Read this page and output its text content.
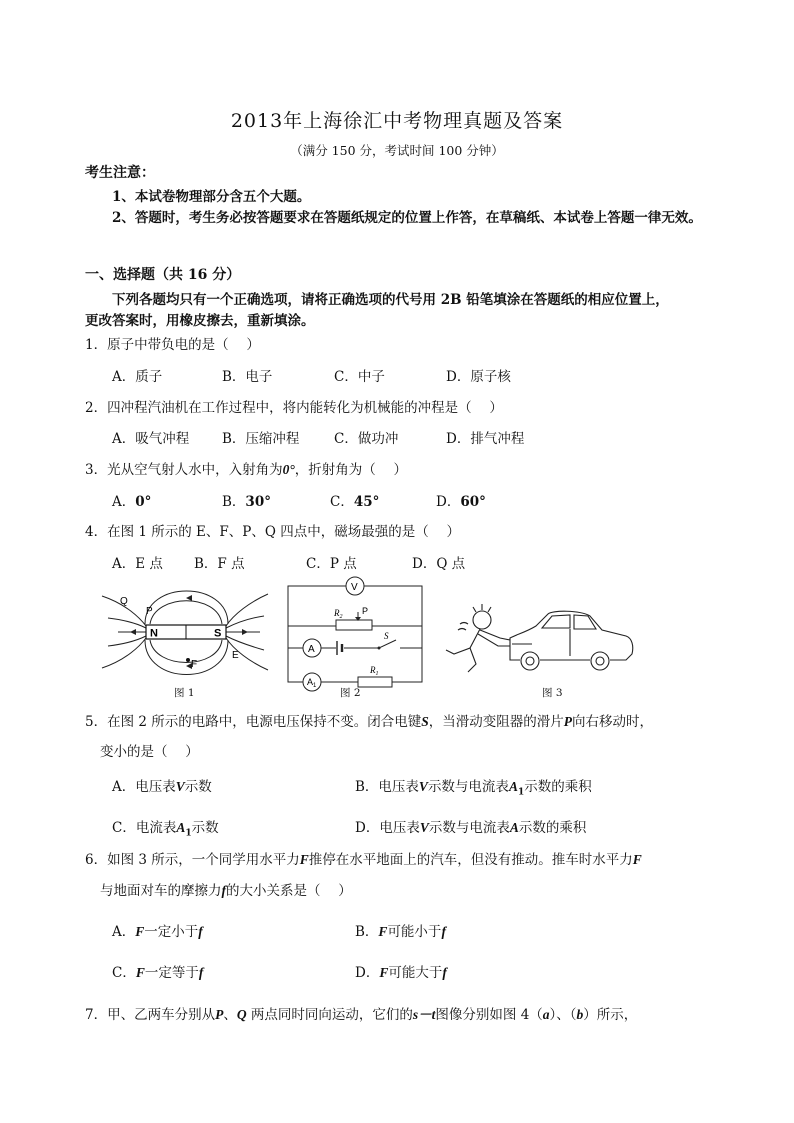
2013年上海徐汇中考物理真题及答案
（满分 150 分，考试时间 100 分钟）
考生注意：
1、本试卷物理部分含五个大题。
2、答题时，考生务必按答题要求在答题纸规定的位置上作答，在草稿纸、本试卷上答题一律无效。
一、选择题（共 16 分）
下列各题均只有一个正确选项，请将正确选项的代号用 2B 铅笔填涂在答题纸的相应位置上，
更改答案时，用橡皮擦去，重新填涂。
1．原子中带负电的是（　 ）
A．质子	B．电子	C．中子	D．原子核
2．四冲程汽油机在工作过程中，将内能转化为机械能的冲程是（　 ）
A．吸气冲程 B．压缩冲程	C．做功冲	D．排气冲程
3．光从空气射人水中，入射角为0°，折射角为（　 ）
A．0°	B．30°	C．45°	D．60°
4．在图 1 所示的 E、F、P、Q 四点中，磁场最强的是（　 ）
A．E 点 B．F 点	C．P 点	D．Q 点
N	S
Q
P
F
E
图 1
V
$R_2$
P
A
S
$A_1$
$R_1$
图 2	图 3
5．在图 2 所示的电路中，电源电压保持不变。闭合电键S，当滑动变阻器的滑片P向右移动时，
变小的是（　 ）
A．电压表V示数	B．电压表V示数与电流表$A_1$示数的乘积
C．电流表$A_1$示数	D．电压表V示数与电流表A示数的乘积
6．如图 3 所示，一个同学用水平力F推停在水平地面上的汽车，但没有推动。推车时水平力F
与地面对车的摩擦力f的大小关系是（　 ）
A．F一定小于f	B．F可能小于f
C．F一定等于f	D．F可能大于f
7．甲、乙两车分别从P、Q 两点同时同向运动，它们的s－t图像分别如图 4（a）、（b）所示，
